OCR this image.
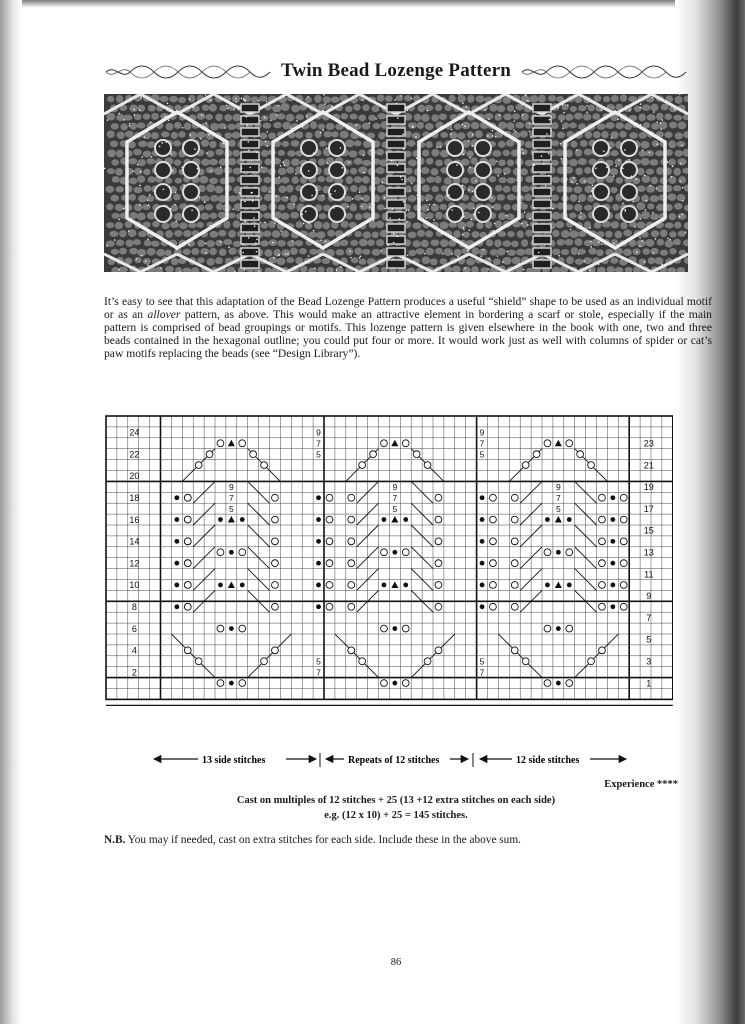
Twin Bead Lozenge Pattern
It’s easy to see that this adaptation of the Bead Lozenge Pattern produces a useful “shield” shape to be used as an individual motif or as an allover pattern, as above. This would make an attractive element in bordering a scarf or stole, especially if the main pattern is comprised of bead groupings or motifs. This lozenge pattern is given elsewhere in the book with one, two and three beads contained in the hexagonal outline; you could put four or more. It would work just as well with columns of spider or cat’s paw motifs replacing the beads (see “Design Library”).
24
22
20
18
16
14
12
10
8
6
4
2
23
21
19
17
15
13
11
9
7
5
3
1
9
7
5
9
7
5
9
7
5
9
7
5
9
7
5
5
7
5
7
13 side stitches	Repeats of 12 stitches	12 side stitches
Experience ****
Cast on multiples of 12 stitches + 25 (13 +12 extra stitches on each side)
e.g. (12 x 10) + 25 = 145 stitches.
N.B. You may if needed, cast on extra stitches for each side. Include these in the above sum.
86
